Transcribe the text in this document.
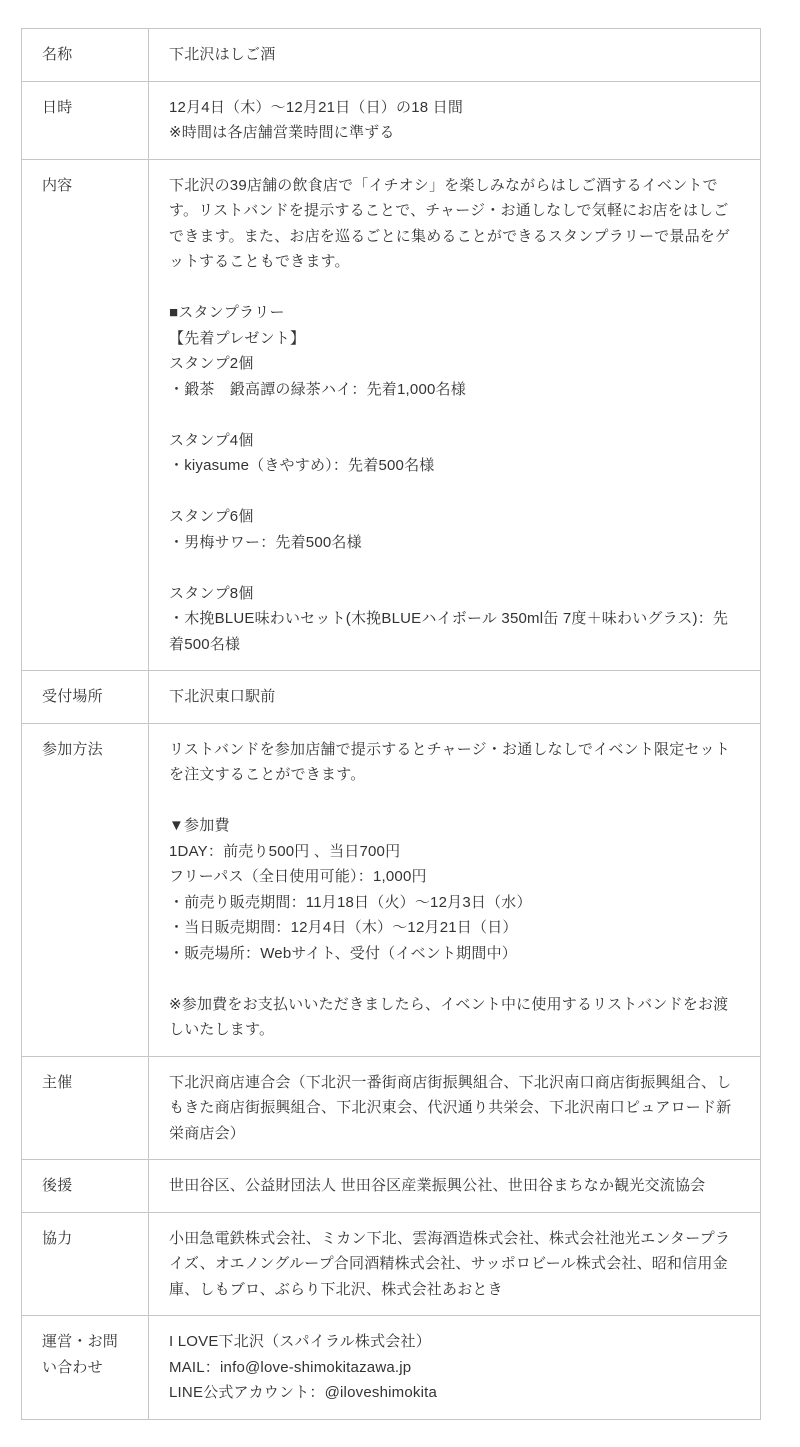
名称	下北沢はしご酒
日時	12月4日（木）～12月21日（日）の18 日間
※時間は各店舗営業時間に準ずる
内容	下北沢の39店舗の飲食店で「イチオシ」を楽しみながらはしご酒するイベントです。リストバンドを提示することで、チャージ・お通しなしで気軽にお店をはしごできます。また、お店を巡るごとに集めることができるスタンプラリーで景品をゲットすることもできます。

■スタンプラリー
【先着プレゼント】
スタンプ2個
・鍛茶　鍛高譚の緑茶ハイ：先着1,000名様

スタンプ4個
・kiyasume（きやすめ）：先着500名様

スタンプ6個
・男梅サワー：先着500名様

スタンプ8個
・木挽BLUE味わいセット(木挽BLUEハイボール 350ml缶 7度＋味わいグラス)：先着500名様
受付場所	下北沢東口駅前
参加方法	リストバンドを参加店舗で提示するとチャージ・お通しなしでイベント限定セットを注文することができます。

▼参加費
1DAY：前売り500円 、当日700円
フリーパス（全日使用可能）：1,000円
・前売り販売期間：11月18日（火）～12月3日（水）
・当日販売期間：12月4日（木）～12月21日（日）
・販売場所：Webサイト、受付（イベント期間中）

※参加費をお支払いいただきましたら、イベント中に使用するリストバンドをお渡しいたします。
主催	下北沢商店連合会（下北沢一番街商店街振興組合、下北沢南口商店街振興組合、しもきた商店街振興組合、下北沢東会、代沢通り共栄会、下北沢南口ピュアロード新栄商店会）
後援	世田谷区、公益財団法人 世田谷区産業振興公社、世田谷まちなか観光交流協会
協力	小田急電鉄株式会社、ミカン下北、雲海酒造株式会社、株式会社池光エンタープライズ、オエノングループ合同酒精株式会社、サッポロビール株式会社、昭和信用金庫、しもブロ、ぶらり下北沢、株式会社あおとき
運営・お問
い合わせ	I LOVE下北沢（スパイラル株式会社）
MAIL：info@love-shimokitazawa.jp
LINE公式アカウント：@iloveshimokita
